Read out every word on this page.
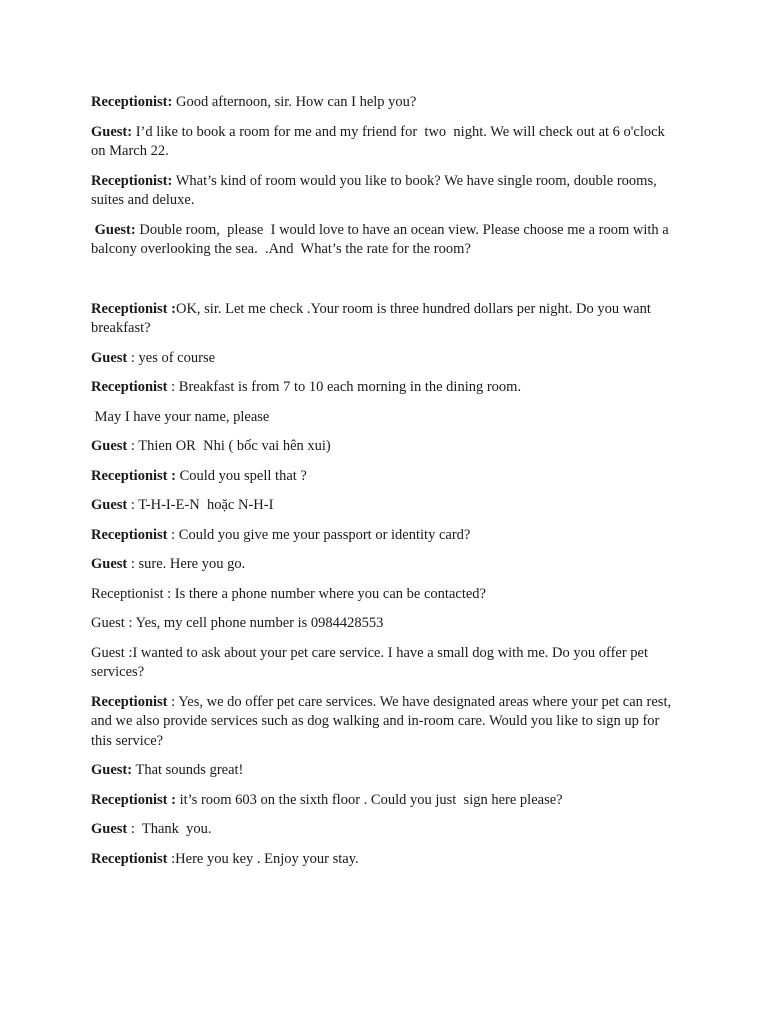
Receptionist: Good afternoon, sir. How can I help you?

Guest: I’d like to book a room for me and my friend for  two  night. We will check out at 6 o'clock on March 22.

Receptionist: What’s kind of room would you like to book? We have single room, double rooms, suites and deluxe.

Guest: Double room,  please  I would love to have an ocean view. Please choose me a room with a balcony overlooking the sea.  .And  What’s the rate for the room?

Receptionist :OK, sir. Let me check .Your room is three hundred dollars per night. Do you want breakfast?

Guest : yes of course

Receptionist : Breakfast is from 7 to 10 each morning in the dining room.

May I have your name, please

Guest : Thien OR  Nhi ( bốc vai hên xui)

Receptionist : Could you spell that ?

Guest : T-H-I-E-N  hoặc N-H-I

Receptionist : Could you give me your passport or identity card?

Guest : sure. Here you go.

Receptionist : Is there a phone number where you can be contacted?

Guest : Yes, my cell phone number is 0984428553

Guest :I wanted to ask about your pet care service. I have a small dog with me. Do you offer pet services?

Receptionist : Yes, we do offer pet care services. We have designated areas where your pet can rest, and we also provide services such as dog walking and in-room care. Would you like to sign up for this service?

Guest: That sounds great!

Receptionist : it’s room 603 on the sixth floor . Could you just  sign here please?

Guest :  Thank  you.

Receptionist :Here you key . Enjoy your stay.
